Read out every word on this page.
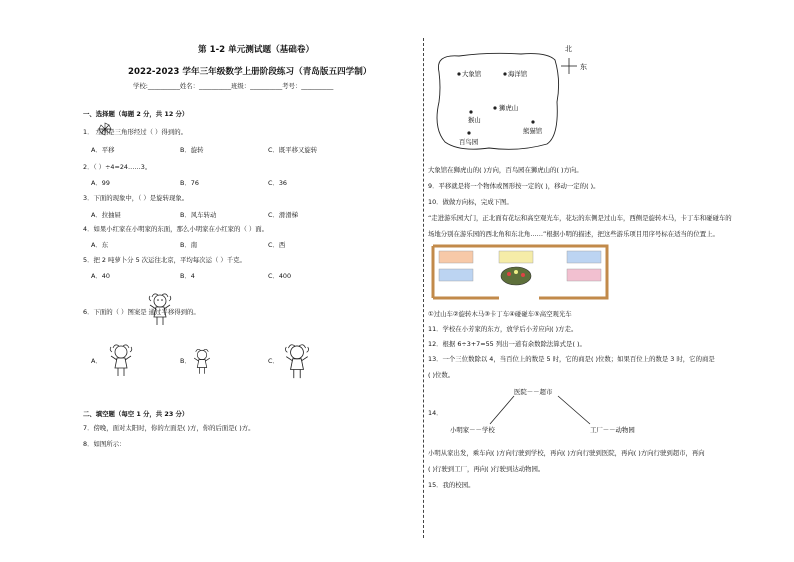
第 1-2 单元测试题（基础卷）
2022-2023 学年三年级数学上册阶段练习（青岛版五四学制）
学校:__________姓名：__________班级：__________考号：__________
一、选择题（每题 2 分，共 12 分）
1． 左图是三角形经过（ ）得到的。
A．平移	B．旋转	C．既平移又旋转
2．（ ）÷4=24……3。
A．99	B．76	C．36
3．下面的现象中，（ ）是旋转现象。
A．拉抽屉	B．风车转动	C．滑滑梯
4．如果小红家在小明家的东面，那么小明家在小红家的（ ）面。
A．东	B．南	C．西
5．把 2 吨萝卜分 5 次运往北京，平均每次运（ ）千克。
A．40	B．4	C．400
6．下面的（ ）图案是 通过平移得到的。
A．	B．	C．
二、填空题（每空 1 分，共 23 分）
7．傍晚，面对太阳时，你的左面是( )方，你的后面是( )方。
8．如图所示：
北
东
大象馆	海洋馆
猴山
狮虎山
熊猫馆
百鸟园
大象馆在狮虎山的( )方向，百鸟园在狮虎山的( )方向。
9．平移就是将一个物体或图形按一定的( )，移动一定的( )。
10．做做方向标，完成下图。
“走进游乐园大门，正北面有花坛和高空观光车，花坛的东侧是过山车，西侧是旋转木马，卡丁车和碰碰车的
场地分别在游乐园的西北角和东北角……”根据小明的描述，把这些游乐项目用序号标在适当的位置上。
①过山车②旋转木马③卡丁车④碰碰车⑤高空观光车
11．学校在小芳家的东方，放学后小芳应向( )方走。
12．根据 6÷3+7=55 列出一道有余数除法算式是( )。
13．一个三位数除以 4，当百位上的数是 5 时，它的商是( )位数；如果百位上的数是 3 时，它的商是
( )位数。
14．
医院－－超市
小明家－－学校	工厂－－动物园
小明从家出发，乘车向( )方向行驶到学校，再向( )方向行驶到医院，再向( )方向行驶到超市，再向
( )行驶到工厂，再向( )行驶到达动物园。
15．我的校园。
